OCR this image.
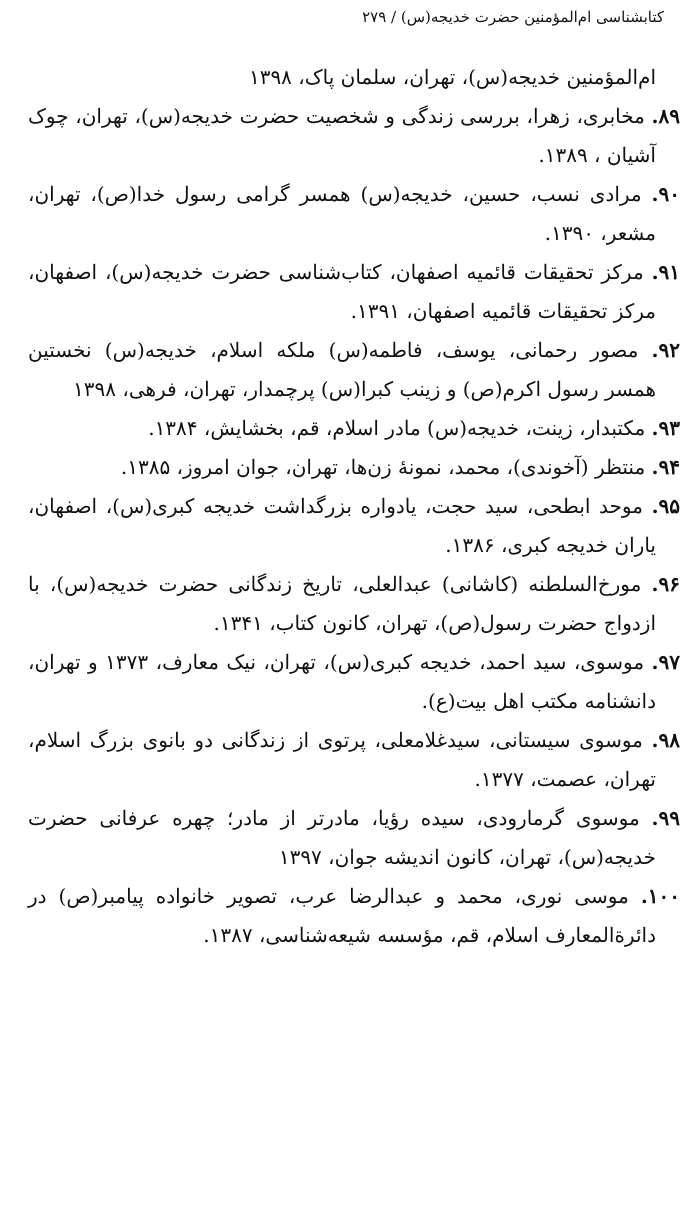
کتابشناسی ام‌المؤمنین حضرت خدیجه(س) / ۲۷۹

ام‌المؤمنین خدیجه(س)، تهران، سلمان پاک، ۱۳۹۸

۸۹. مخابری، زهرا، بررسی زندگی و شخصیت حضرت خدیجه(س)، تهران، چوک آشیان ، ۱۳۸۹.

۹۰. مرادی نسب، حسین، خدیجه(س) همسر گرامی رسول خدا(ص)، تهران، مشعر، ۱۳۹۰.

۹۱. مرکز تحقیقات قائمیه اصفهان، کتاب‌شناسی حضرت خدیجه(س)، اصفهان، مرکز تحقیقات قائمیه اصفهان، ۱۳۹۱.

۹۲. مصور رحمانی، یوسف، فاطمه(س) ملکه اسلام، خدیجه(س) نخستین همسر رسول اکرم(ص) و زینب کبرا(س) پرچمدار، تهران، فرهی، ۱۳۹۸

۹۳. مکتبدار، زینت، خدیجه(س) مادر اسلام، قم، بخشایش، ۱۳۸۴.

۹۴. منتظر (آخوندی)، محمد، نمونهٔ زن‌ها، تهران، جوان امروز، ۱۳۸۵.

۹۵. موحد ابطحی، سید حجت، یادواره بزرگداشت خدیجه کبری(س)، اصفهان، یاران خدیجه کبری، ۱۳۸۶.

۹۶. مورخ‌السلطنه (کاشانی) عبدالعلی، تاریخ زندگانی حضرت خدیجه(س)، با ازدواج حضرت رسول(ص)، تهران، کانون کتاب، ۱۳۴۱.

۹۷. موسوی، سید احمد، خدیجه کبری(س)، تهران، نیک معارف، ۱۳۷۳ و تهران، دانشنامه مکتب اهل بیت(ع).

۹۸. موسوی سیستانی، سیدغلامعلی، پرتوی از زندگانی دو بانوی بزرگ اسلام، تهران، عصمت، ۱۳۷۷.

۹۹. موسوی گرمارودی، سیده رؤیا، مادرتر از مادر؛ چهره عرفانی حضرت خدیجه(س)، تهران، کانون اندیشه جوان، ۱۳۹۷

۱۰۰. موسی نوری، محمد و عبدالرضا عرب، تصویر خانواده پیامبر(ص) در دائرةالمعارف اسلام، قم، مؤسسه شیعه‌شناسی، ۱۳۸۷.
